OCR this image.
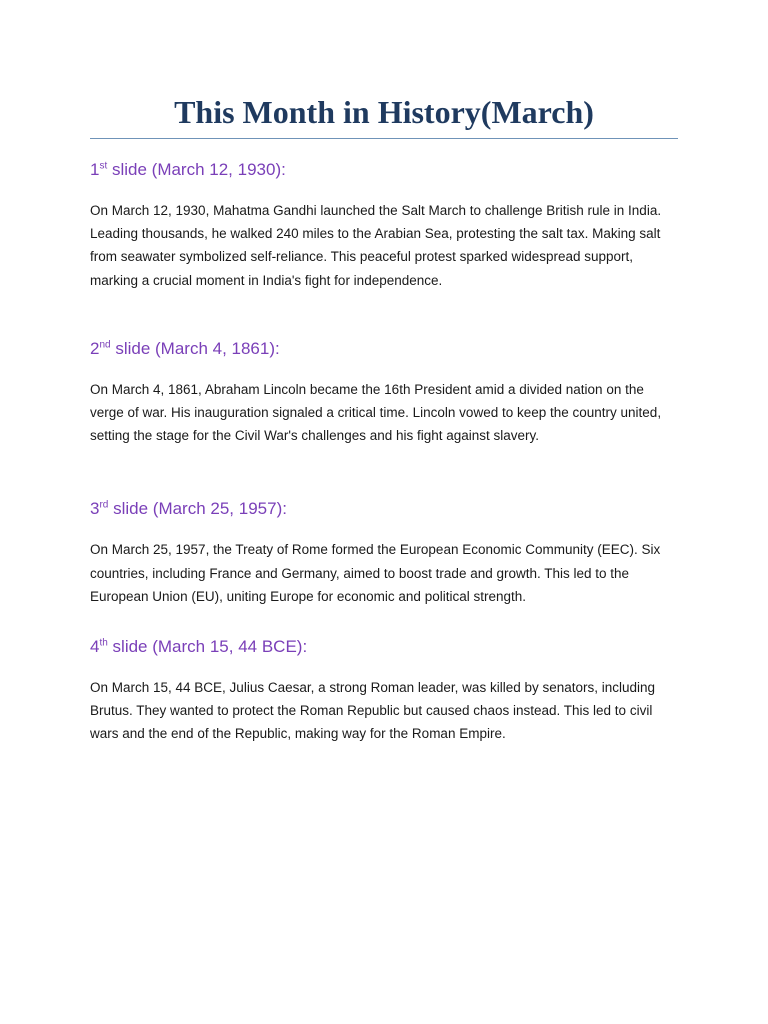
This Month in History(March)
1st slide (March 12, 1930):

On March 12, 1930, Mahatma Gandhi launched the Salt March to challenge British rule in India. Leading thousands, he walked 240 miles to the Arabian Sea, protesting the salt tax. Making salt from seawater symbolized self-reliance. This peaceful protest sparked widespread support, marking a crucial moment in India's fight for independence.

2nd slide (March 4, 1861):

On March 4, 1861, Abraham Lincoln became the 16th President amid a divided nation on the verge of war. His inauguration signaled a critical time. Lincoln vowed to keep the country united, setting the stage for the Civil War's challenges and his fight against slavery.

3rd slide (March 25, 1957):

On March 25, 1957, the Treaty of Rome formed the European Economic Community (EEC). Six countries, including France and Germany, aimed to boost trade and growth. This led to the European Union (EU), uniting Europe for economic and political strength.

4th slide (March 15, 44 BCE):

On March 15, 44 BCE, Julius Caesar, a strong Roman leader, was killed by senators, including Brutus. They wanted to protect the Roman Republic but caused chaos instead. This led to civil wars and the end of the Republic, making way for the Roman Empire.
